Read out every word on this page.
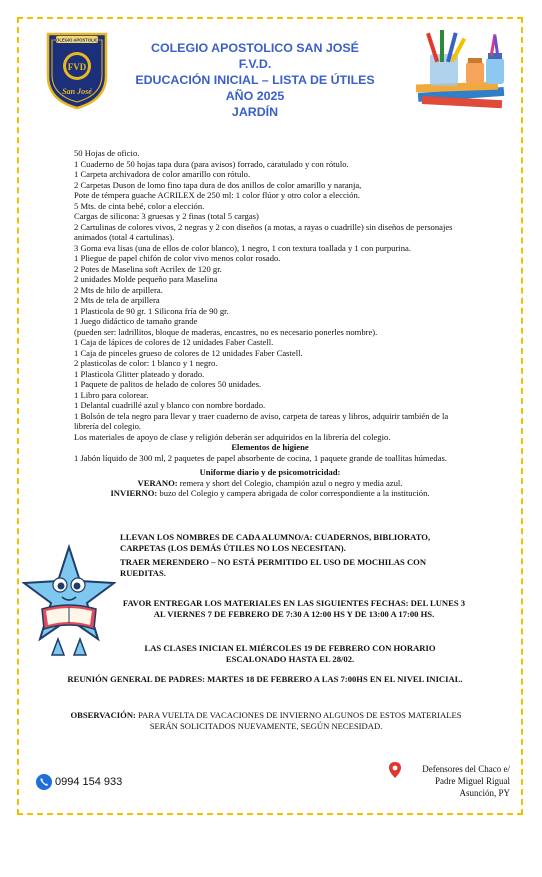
COLEGIO APOSTOLICO
FVD
San José
COLEGIO APOSTOLICO SAN JOSÉ
F.V.D.
EDUCACIÓN INICIAL – LISTA DE ÚTILES
AÑO 2025
JARDÍN

50 Hojas de oficio.

1 Cuaderno de 50 hojas tapa dura (para avisos) forrado, caratulado y con rótulo.

1 Carpeta archivadora de color amarillo con rótulo.

2 Carpetas Duson de lomo fino tapa dura de dos anillos de color amarillo y naranja,

Pote de témpera guache ACRILEX de 250 ml: 1 color flúor y otro color a elección.

5 Mts. de cinta bebé, color a elección.

Cargas de silicona: 3 gruesas y 2 finas (total 5 cargas)

2 Cartulinas de colores vivos, 2 negras y 2 con diseños (a motas, a rayas o cuadrille) sin diseños de personajes animados (total 4 cartulinas).

3 Goma eva lisas (una de ellos de color blanco), 1 negro, 1 con textura toallada y 1 con purpurina.

1 Pliegue de papel chifón de color vivo menos color rosado.

2 Potes de Maselina soft Acrilex de 120 gr.

2 unidades Molde pequeño para Maselina

2 Mts de hilo de arpillera.

2 Mts de tela de arpillera

1 Plasticola de 90 gr. 1 Silicona fría de 90 gr.

1 Juego didáctico de tamaño grande

(pueden ser: ladrillitos, bloque de maderas, encastres, no es necesario ponerles nombre).

1 Caja de lápices de colores de 12 unidades Faber Castell.

1 Caja de pinceles grueso de colores de 12 unidades Faber Castell.

2 plasticolas de color: 1 blanco y 1 negro.

1 Plasticola Glitter plateado y dorado.

1 Paquete de palitos de helado de colores 50 unidades.

1 Libro para colorear.

1 Delantal cuadrillé azul y blanco con nombre bordado.

1 Bolsón de tela negro para llevar y traer cuaderno de aviso, carpeta de tareas y libros, adquirir también de la librería del colegio.

Los materiales de apoyo de clase y religión deberán ser adquiridos en la librería del colegio.

Elementos de higiene

1 Jabón líquido de 300 ml, 2 paquetes de papel absorbente de cocina, 1 paquete grande de toallitas húmedas.

Uniforme diario y de psicomotricidad:

VERANO: remera y short del Colegio, champión azul o negro y media azul.

INVIERNO: buzo del Colegio y campera abrigada de color correspondiente a la institución.

LLEVAN LOS NOMBRES DE CADA ALUMNO/A: CUADERNOS, BIBLIORATO, CARPETAS (LOS DEMÁS ÚTILES NO LOS NECESITAN).
TRAER MERENDERO – NO ESTÁ PERMITIDO EL USO DE MOCHILAS CON RUEDITAS.
FAVOR ENTREGAR LOS MATERIALES EN LAS SIGUIENTES FECHAS: DEL LUNES 3 AL VIERNES 7 DE FEBRERO DE 7:30 A 12:00 HS Y DE 13:00 A 17:00 HS.
LAS CLASES INICIAN EL MIÉRCOLES 19 DE FEBRERO CON HORARIO ESCALONADO HASTA EL 28/02.
REUNIÓN GENERAL DE PADRES: MARTES 18 DE FEBRERO A LAS 7:00HS EN EL NIVEL INICIAL.
OBSERVACIÓN: PARA VUELTA DE VACACIONES DE INVIERNO ALGUNOS DE ESTOS MATERIALES SERÁN SOLICITADOS NUEVAMENTE, SEGÚN NECESIDAD.
0994 154 933
Defensores del Chaco e/
Padre Miguel Rigual
Asunción, PY
